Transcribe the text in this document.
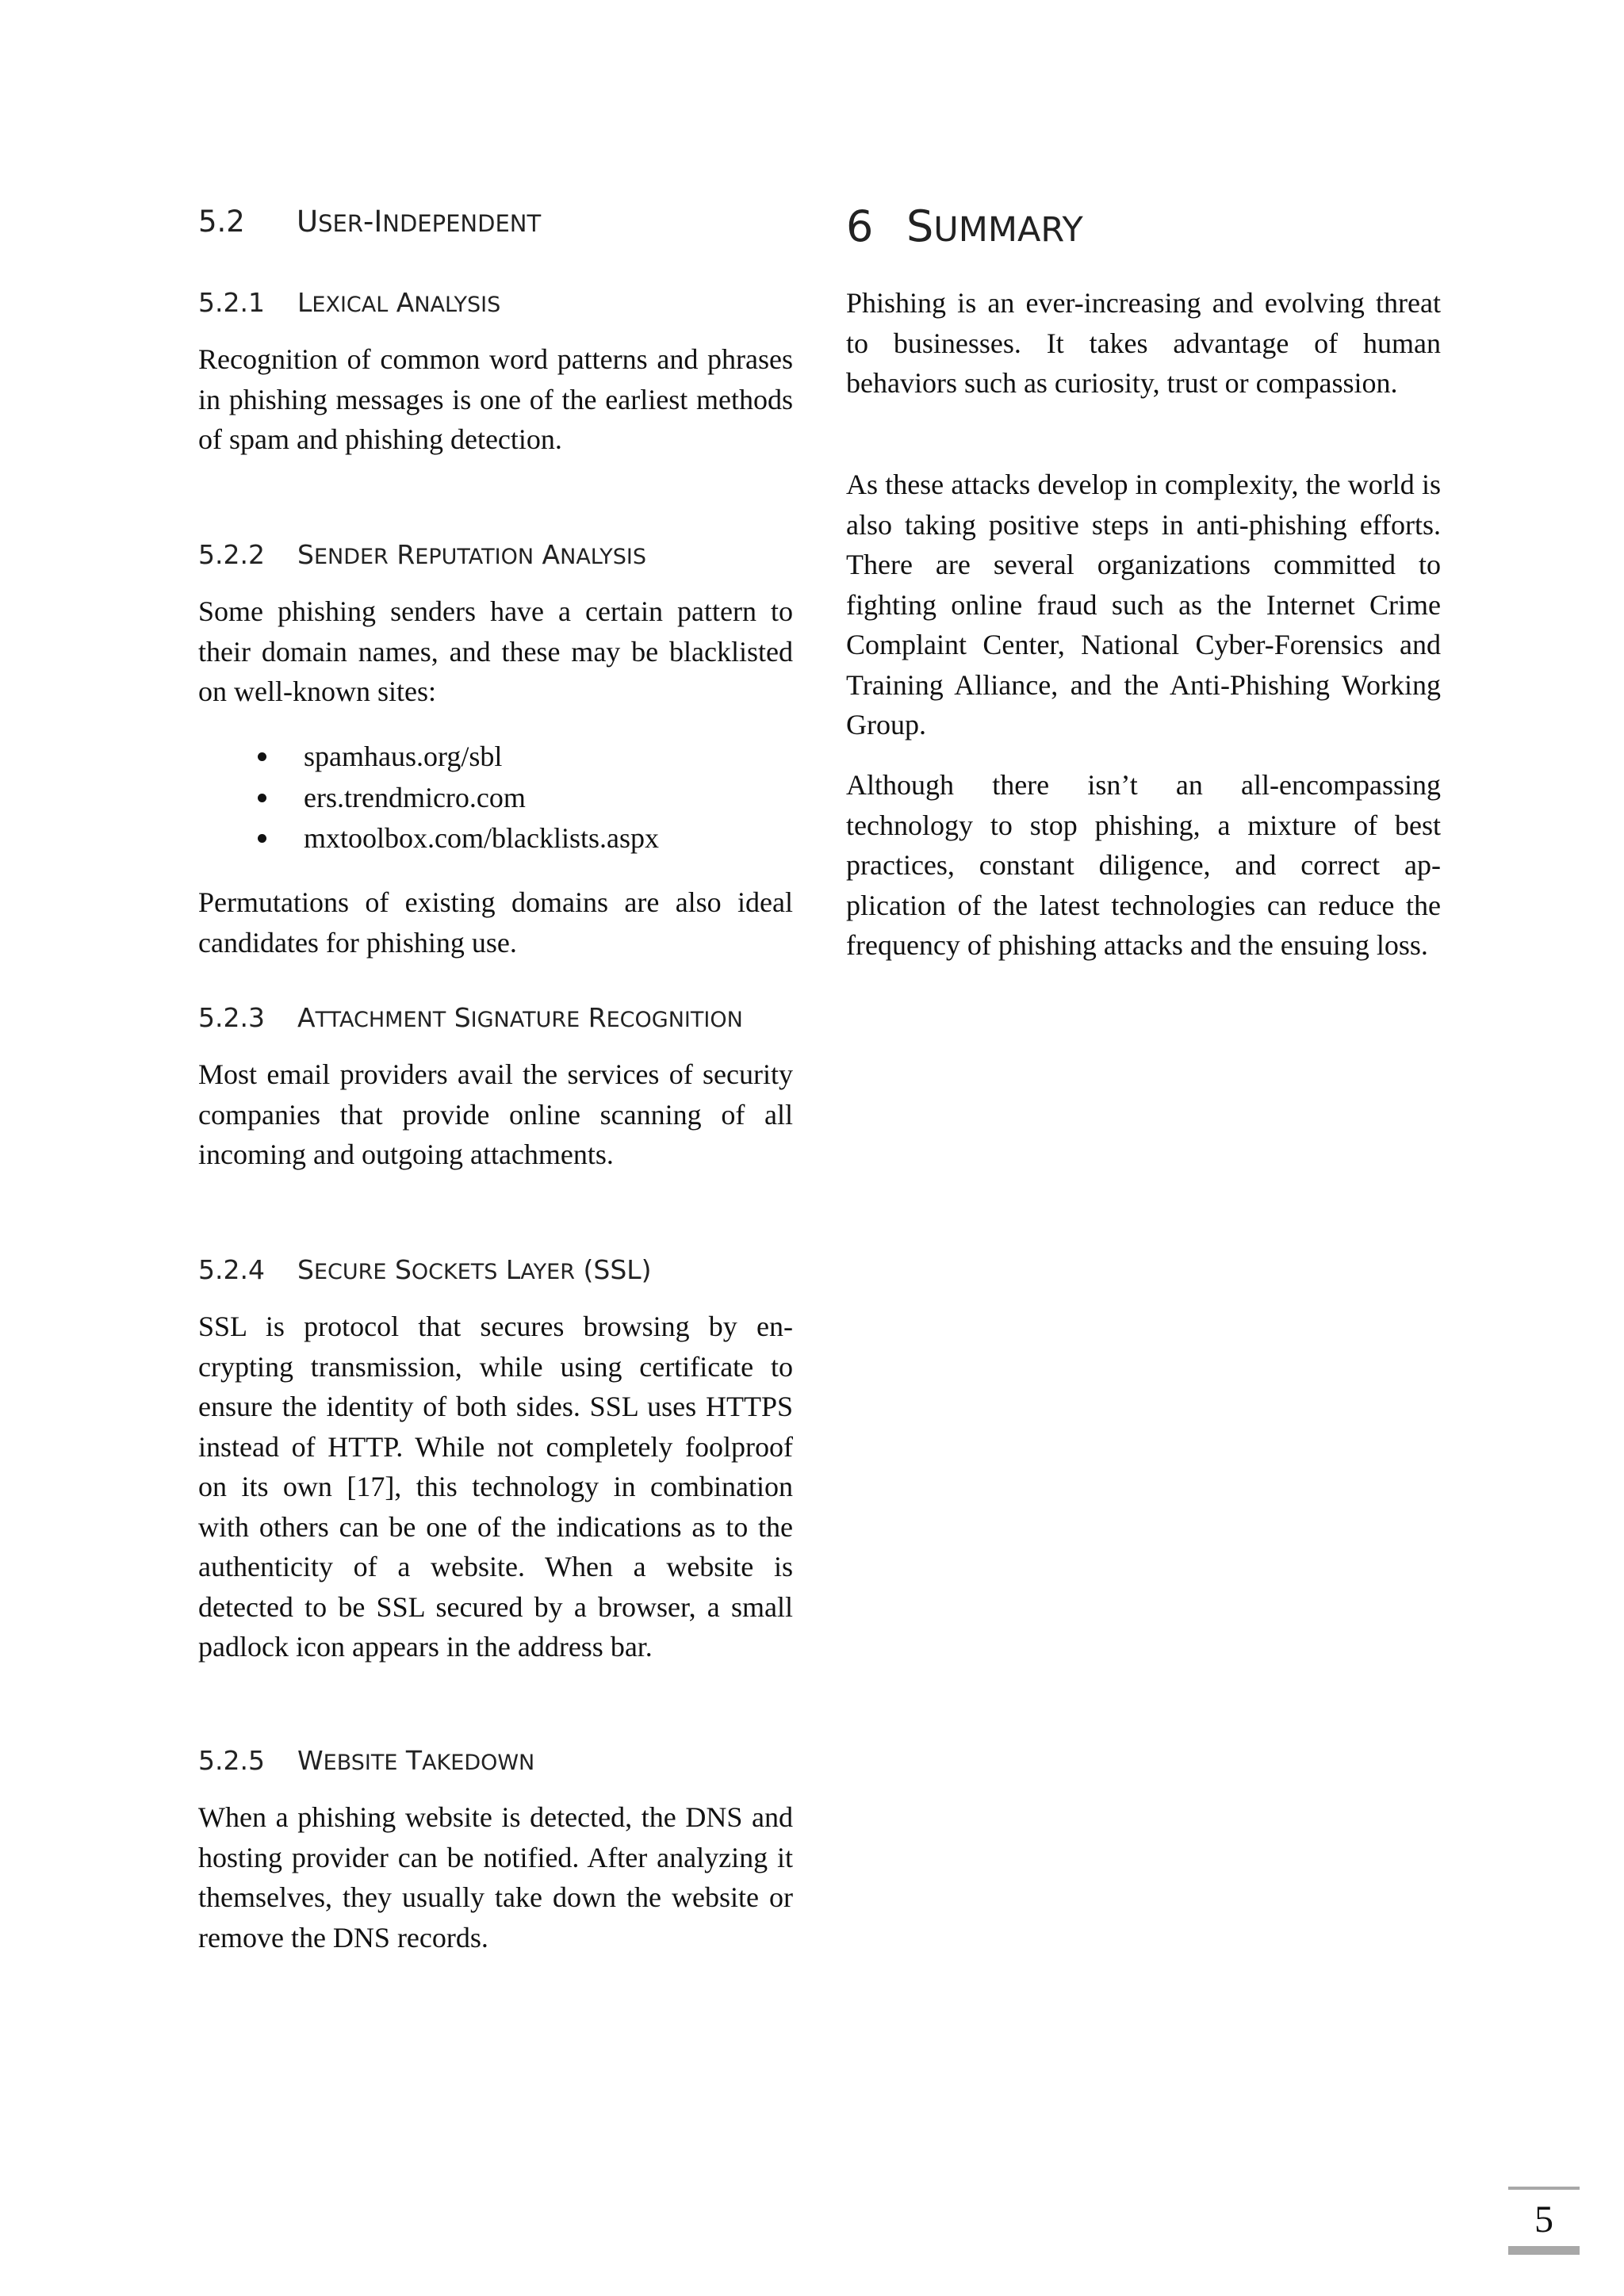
5.2 USER-INDEPENDENT
5.2.1 LEXICAL ANALYSIS
Recognition of common word patterns and phrases in phishing messages is one of the earliest methods of spam and phishing detection.
5.2.2 SENDER REPUTATION ANALYSIS
Some phishing senders have a certain pattern to their domain names, and these may be blacklisted on well-known sites:
spamhaus.org/sbl
ers.trendmicro.com
mxtoolbox.com/blacklists.aspx
Permutations of existing domains are also ideal candidates for phishing use.
5.2.3 ATTACHMENT SIGNATURE RECOGNITION
Most email providers avail the services of security companies that provide online scanning of all incoming and outgoing attachments.
5.2.4 SECURE SOCKETS LAYER (SSL)
SSL is protocol that secures browsing by encrypting transmission, while using certificate to ensure the identity of both sides. SSL uses HTTPS instead of HTTP. While not completely foolproof on its own [17], this technology in combination with others can be one of the indications as to the authenticity of a website. When a website is detected to be SSL secured by a browser, a small padlock icon appears in the address bar.
5.2.5 WEBSITE TAKEDOWN
When a phishing website is detected, the DNS and hosting provider can be notified. After analyzing it themselves, they usually take down the website or remove the DNS records.
6 SUMMARY
Phishing is an ever-increasing and evolving threat to businesses. It takes advantage of human behaviors such as curiosity, trust or compassion.
As these attacks develop in complexity, the world is also taking positive steps in anti-phishing efforts. There are several organizations committed to fighting online fraud such as the Internet Crime Complaint Center, National Cyber-Forensics and Training Alliance, and the Anti-Phishing Working Group.
Although there isn’t an all-encompassing technology to stop phishing, a mixture of best practices, constant diligence, and correct application of the latest technologies can reduce the frequency of phishing attacks and the ensuing loss.
5
